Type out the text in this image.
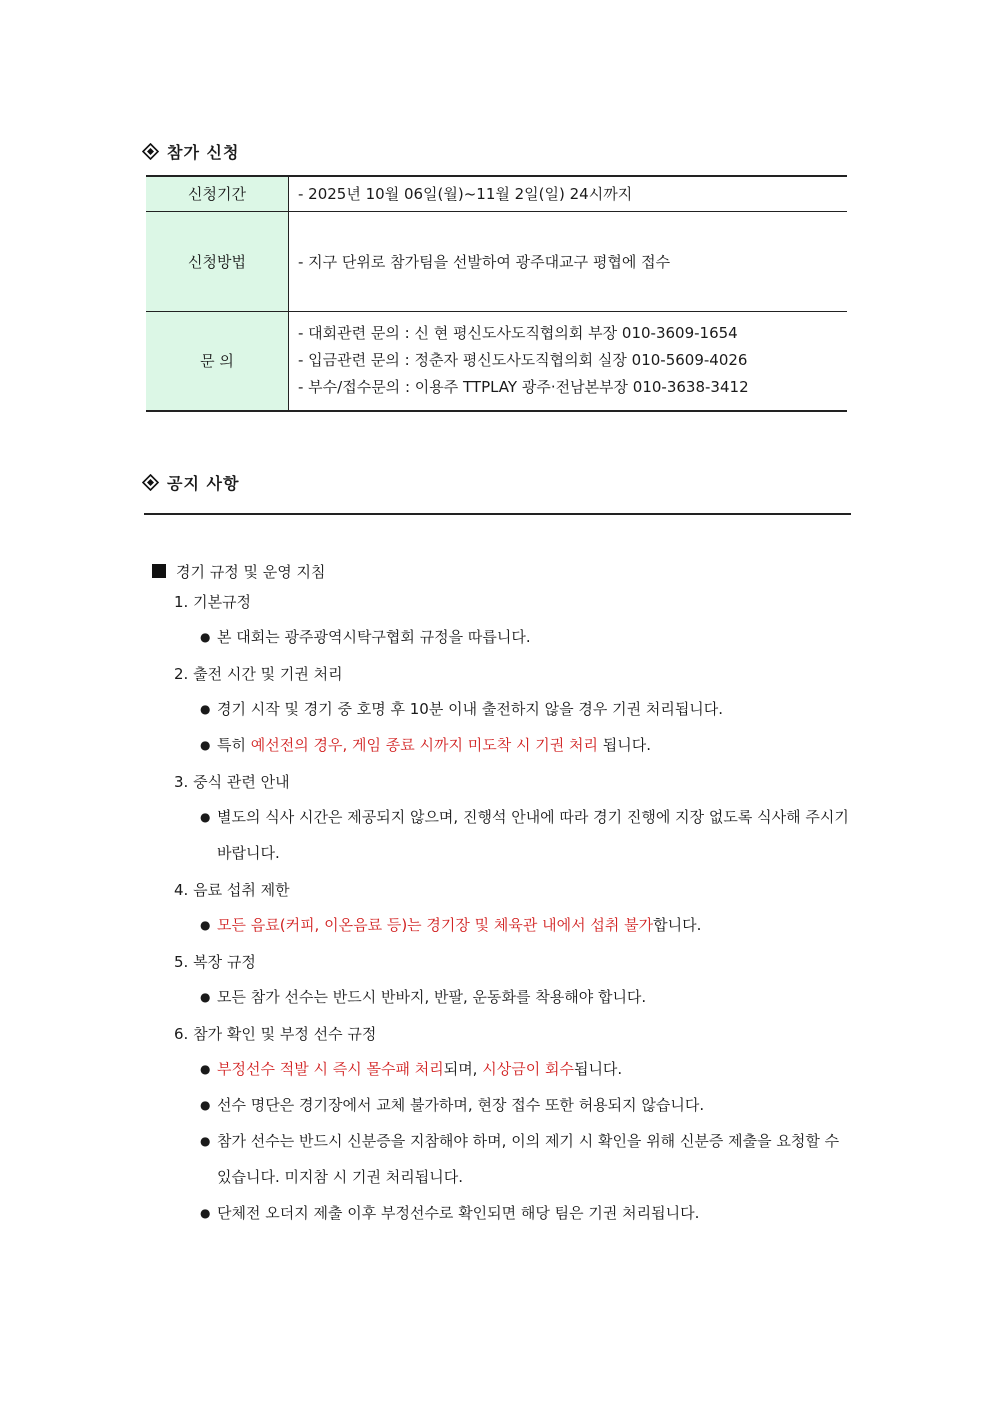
참가 신청
신청기간	- 2025년 10월 06일(월)~11월 2일(일) 24시까지
신청방법	- 지구 단위로 참가팀을 선발하여 광주대교구 평협에 접수
문 의	- 대회관련 문의 : 신 현 평신도사도직협의회 부장 010-3609-1654
- 입금관련 문의 : 정춘자 평신도사도직협의회 실장 010-5609-4026
- 부수/접수문의 : 이용주 TTPLAY 광주·전남본부장 010-3638-3412
공지 사항
경기 규정 및 운영 지침
1. 기본규정
● 본 대회는 광주광역시탁구협회 규정을 따릅니다.
2. 출전 시간 및 기권 처리
● 경기 시작 및 경기 중 호명 후 10분 이내 출전하지 않을 경우 기권 처리됩니다.
● 특히 예선전의 경우, 게임 종료 시까지 미도착 시 기권 처리 됩니다.
3. 중식 관련 안내
● 별도의 식사 시간은 제공되지 않으며, 진행석 안내에 따라 경기 진행에 지장 없도록 식사해 주시기 바랍니다.
4. 음료 섭취 제한
● 모든 음료(커피, 이온음료 등)는 경기장 및 체육관 내에서 섭취 불가합니다.
5. 복장 규정
● 모든 참가 선수는 반드시 반바지, 반팔, 운동화를 착용해야 합니다.
6. 참가 확인 및 부정 선수 규정
● 부정선수 적발 시 즉시 몰수패 처리되며, 시상금이 회수됩니다.
● 선수 명단은 경기장에서 교체 불가하며, 현장 접수 또한 허용되지 않습니다.
● 참가 선수는 반드시 신분증을 지참해야 하며, 이의 제기 시 확인을 위해 신분증 제출을 요청할 수 있습니다. 미지참 시 기권 처리됩니다.
● 단체전 오더지 제출 이후 부정선수로 확인되면 해당 팀은 기권 처리됩니다.
